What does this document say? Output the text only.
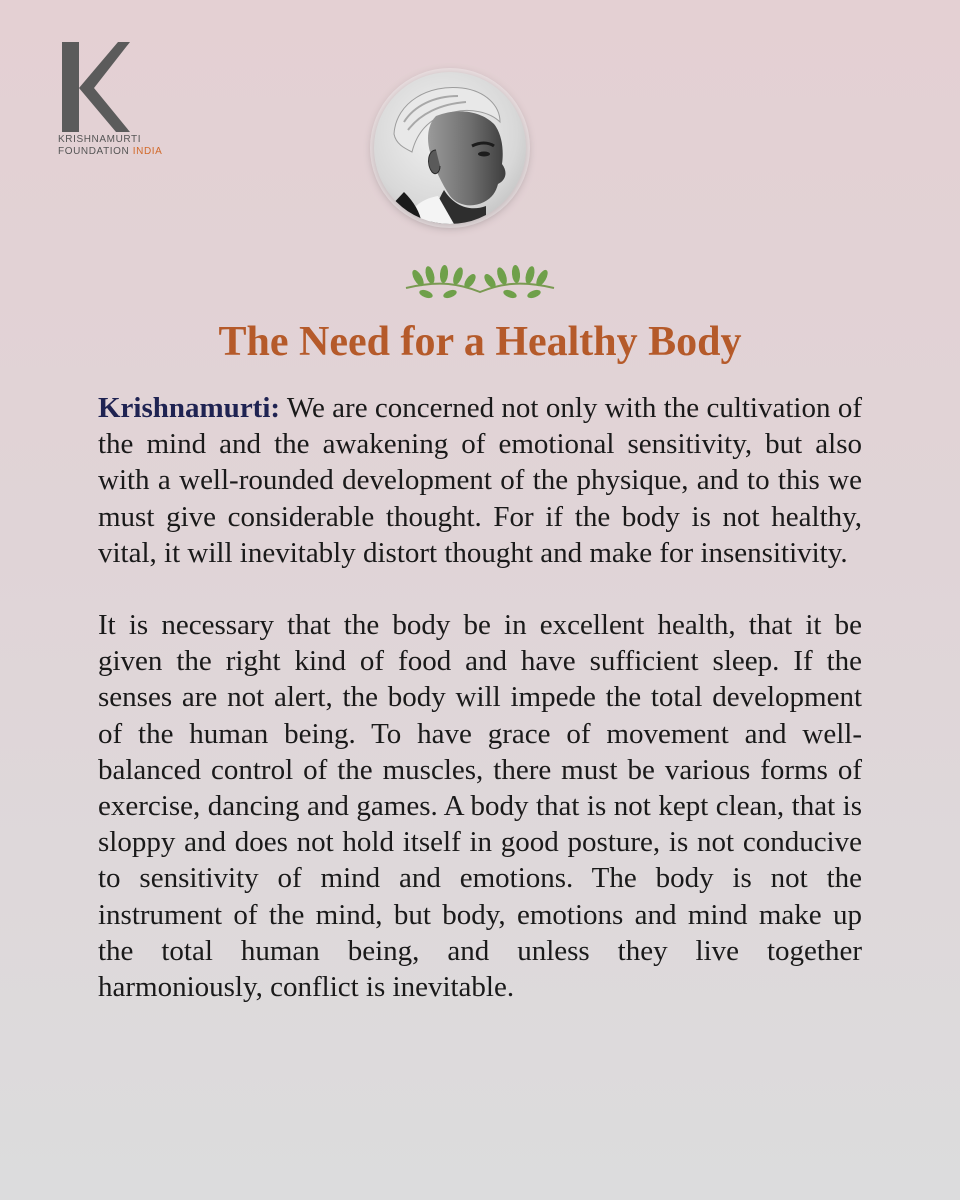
KRISHNAMURTI
FOUNDATION INDIA
The Need for a Healthy Body

Krishnamurti: We are concerned not only with the cultivation of the mind and the awakening of emotional sensitivity, but also with a well-rounded development of the physique, and to this we must give considerable thought. For if the body is not healthy, vital, it will inevitably distort thought and make for insensitivity.

It is necessary that the body be in excellent health, that it be given the right kind of food and have sufficient sleep. If the senses are not alert, the body will impede the total development of the human being. To have grace of movement and well-balanced control of the muscles, there must be various forms of exercise, dancing and games. A body that is not kept clean, that is sloppy and does not hold itself in good posture, is not conducive to sensitivity of mind and emotions. The body is not the instrument of the mind, but body, emotions and mind make up the total human being, and unless they live together harmoniously, conflict is inevitable.
